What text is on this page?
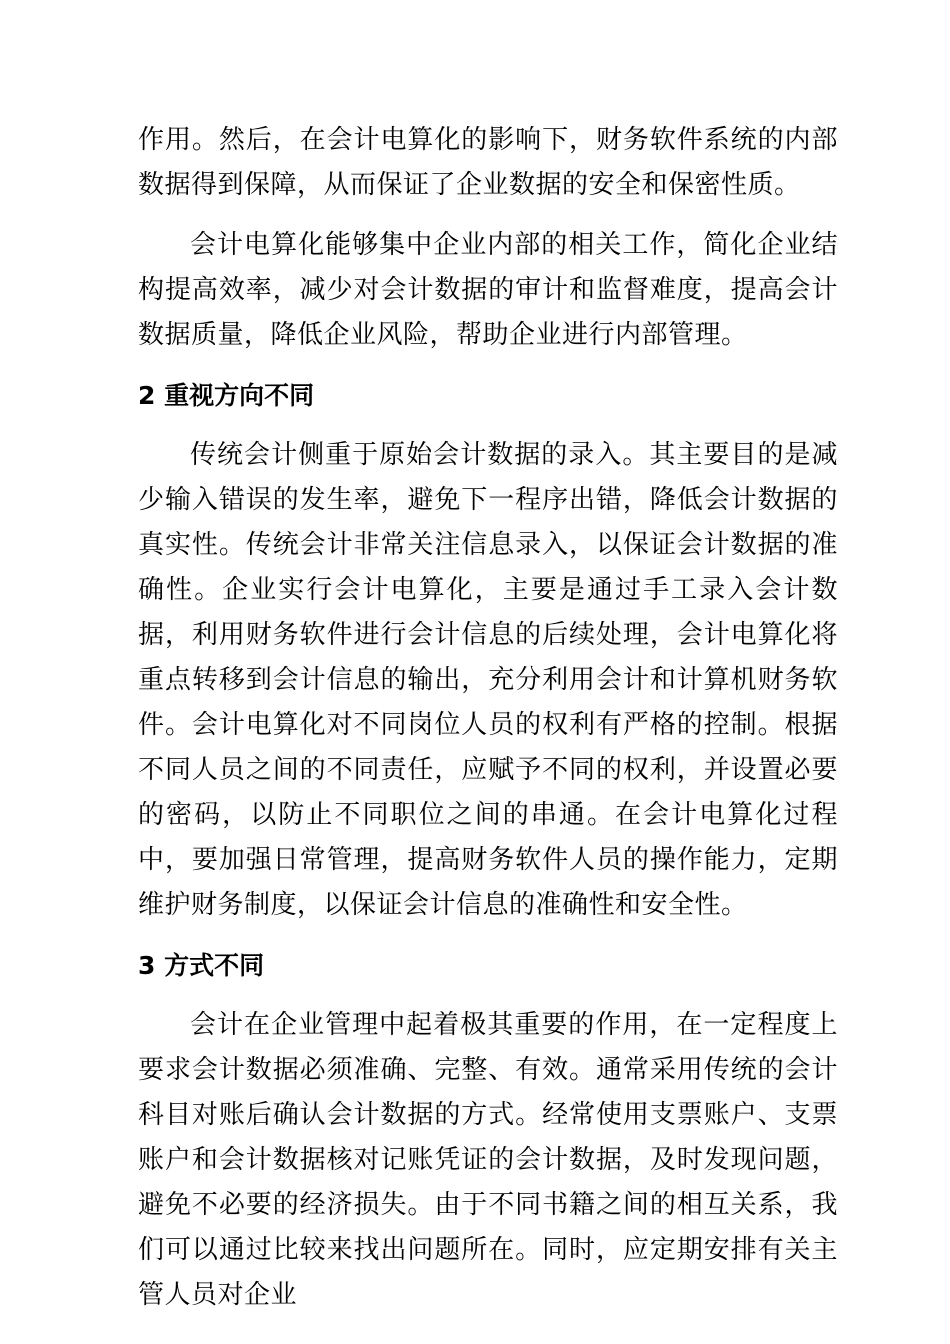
作用。然后，在会计电算化的影响下，财务软件系统的内部数据得到保障，从而保证了企业数据的安全和保密性质。

会计电算化能够集中企业内部的相关工作，简化企业结构提高效率，减少对会计数据的审计和监督难度，提高会计数据质量，降低企业风险，帮助企业进行内部管理。

2 重视方向不同

传统会计侧重于原始会计数据的录入。其主要目的是减少输入错误的发生率，避免下一程序出错，降低会计数据的真实性。传统会计非常关注信息录入，以保证会计数据的准确性。企业实行会计电算化，主要是通过手工录入会计数据，利用财务软件进行会计信息的后续处理，会计电算化将重点转移到会计信息的输出，充分利用会计和计算机财务软件。会计电算化对不同岗位人员的权利有严格的控制。根据不同人员之间的不同责任，应赋予不同的权利，并设置必要的密码，以防止不同职位之间的串通。在会计电算化过程中，要加强日常管理，提高财务软件人员的操作能力，定期维护财务制度，以保证会计信息的准确性和安全性。

3 方式不同

会计在企业管理中起着极其重要的作用，在一定程度上要求会计数据必须准确、完整、有效。通常采用传统的会计科目对账后确认会计数据的方式。经常使用支票账户、支票账户和会计数据核对记账凭证的会计数据，及时发现问题，避免不必要的经济损失。由于不同书籍之间的相互关系，我们可以通过比较来找出问题所在。同时，应定期安排有关主管人员对企业
